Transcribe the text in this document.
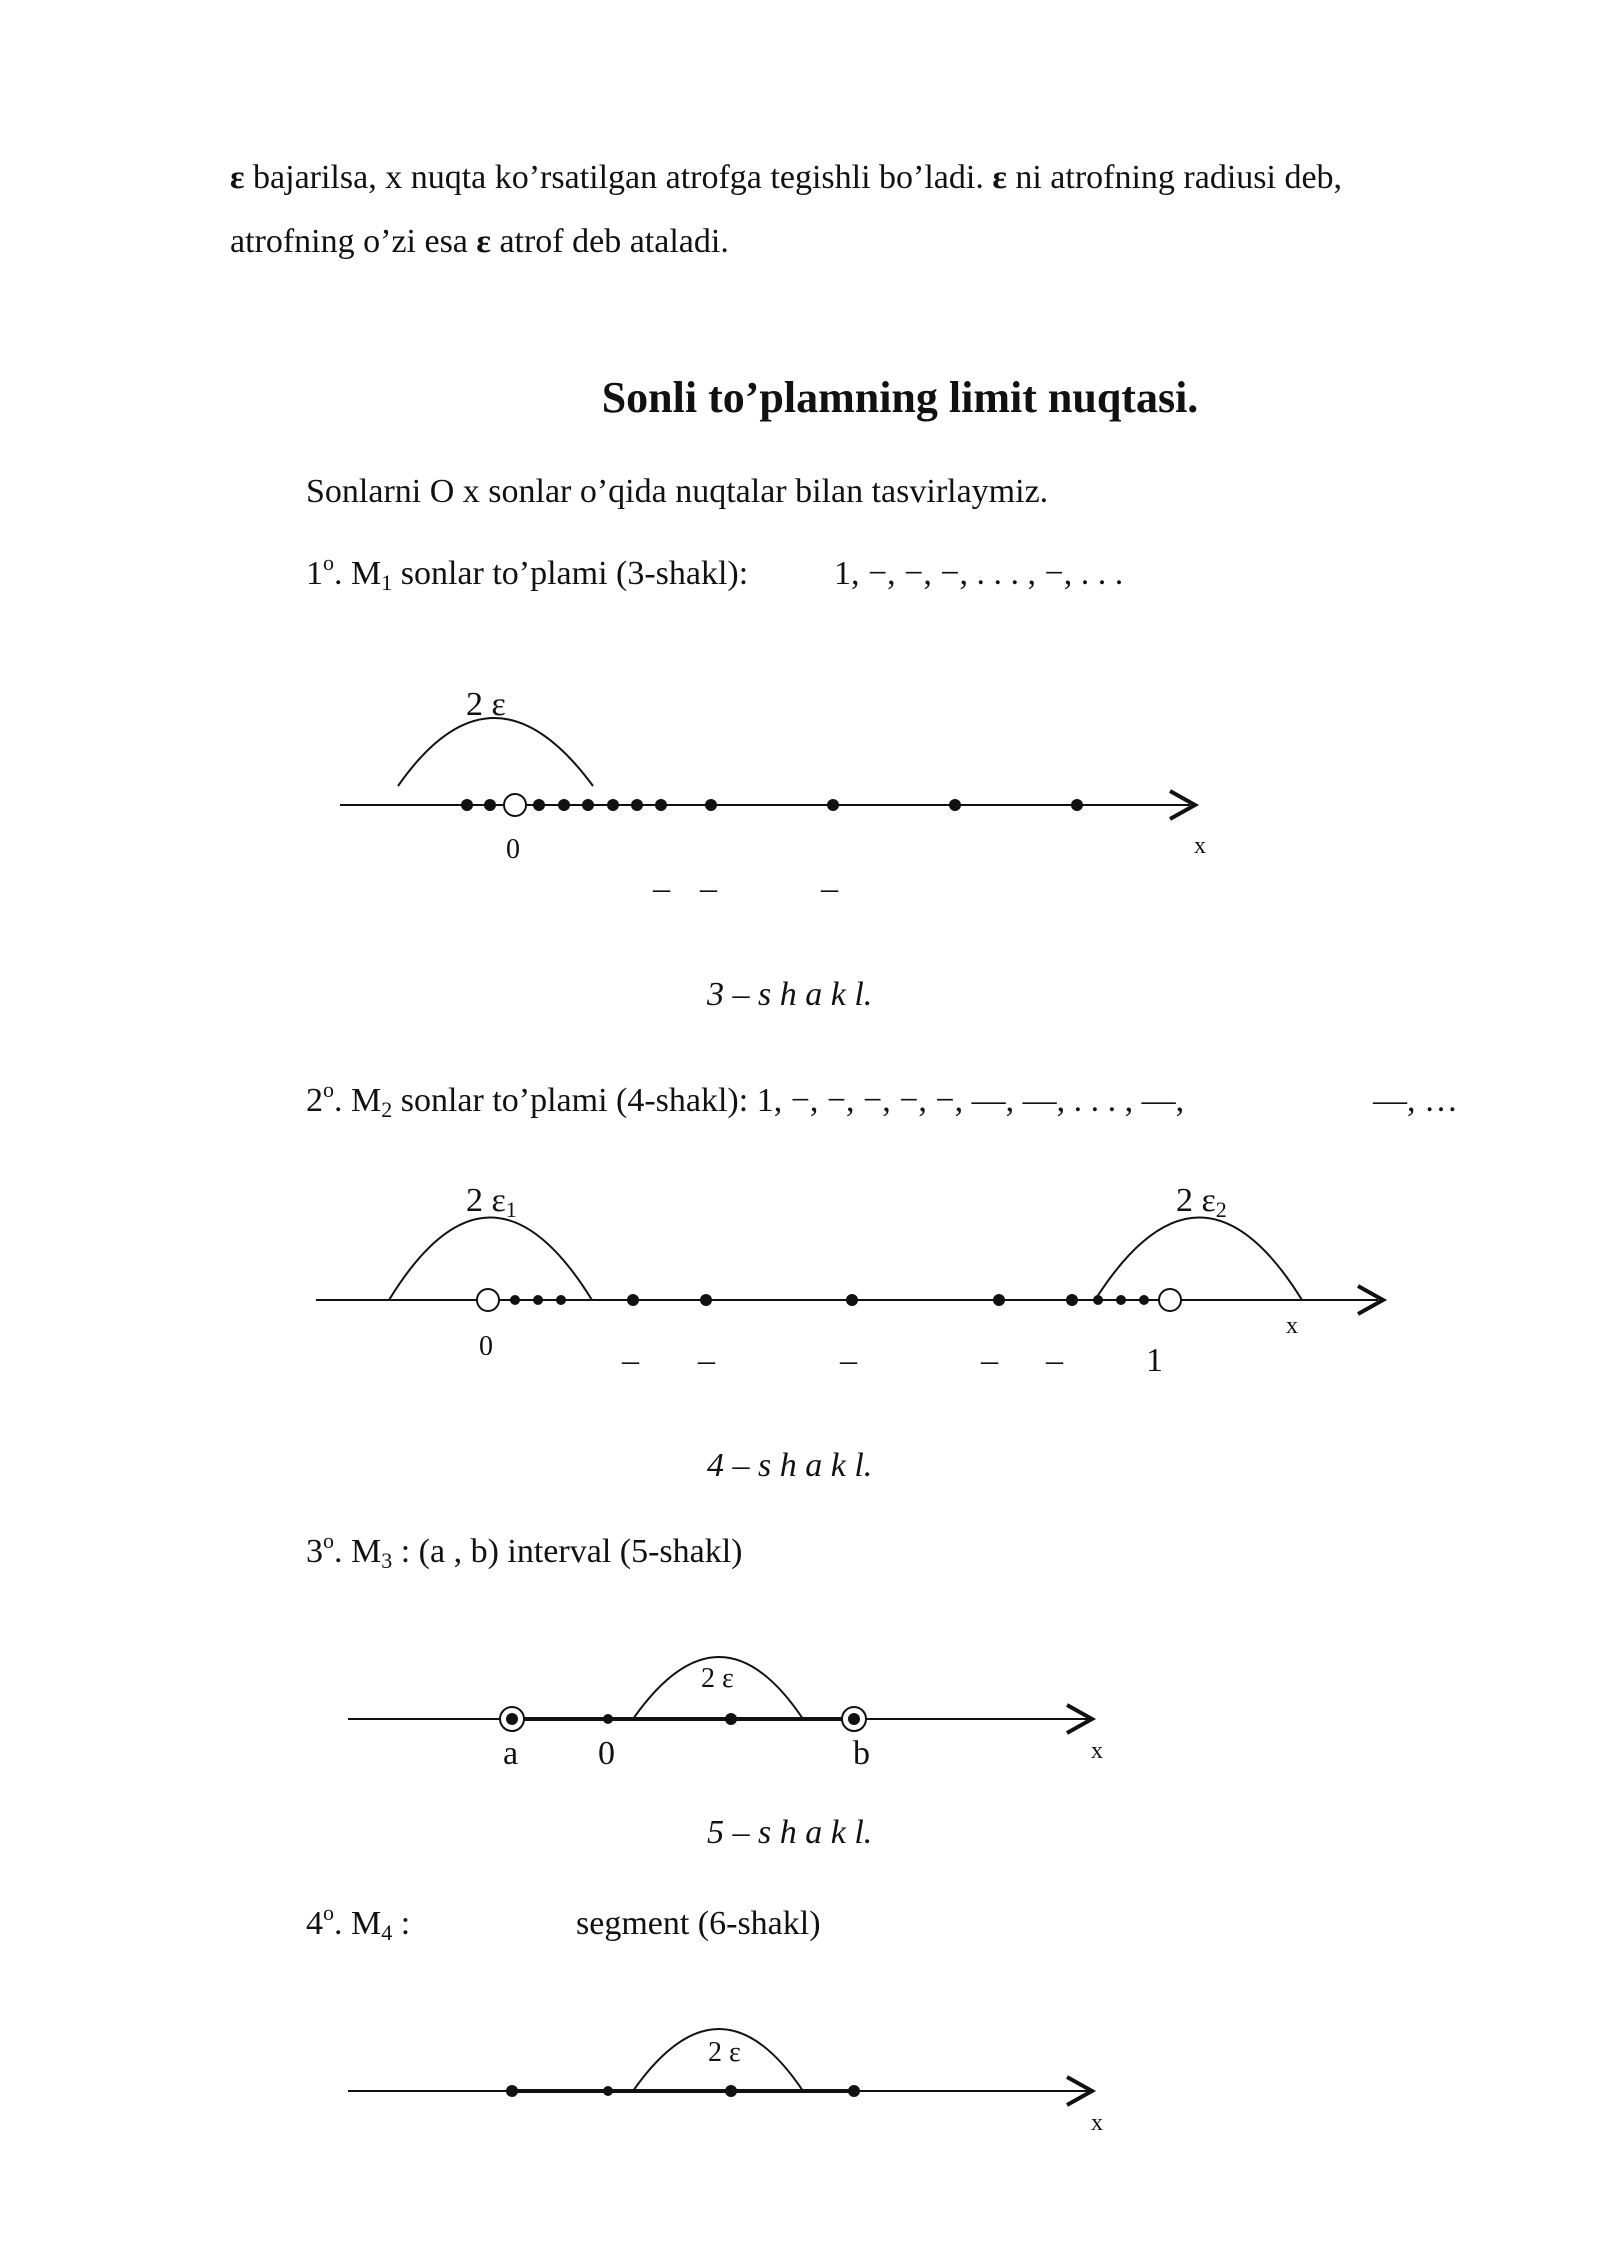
ε bajarilsa, x nuqta ko’rsatilgan atrofga tegishli bo’ladi. ε ni atrofning radiusi deb,
atrofning o’zi esa ε atrof deb ataladi.
Sonli to’plamning limit nuqtasi.
Sonlarni O x sonlar o’qida nuqtalar bilan tasvirlaymiz.
1$^o$. $M_1$ sonlar to’plami (3-shakl):	1, −, −, −, . . . , −, . . .
2 ε
0	x
– –	–
3 – s h a k l.
2$^o$. $M_2$ sonlar to’plami (4-shakl): 1, −, −, −, −, −, —, —, . . . , —,	—, …
2 ε1	2 ε2
0
x
– –	–	– – 1
4 – s h a k l.
3$^o$. $M_3$ : (a , b) interval (5-shakl)
2 ε
a 0	b	x
5 – s h a k l.
4$^o$. $M_4$ :	segment (6-shakl)
2 ε
x
